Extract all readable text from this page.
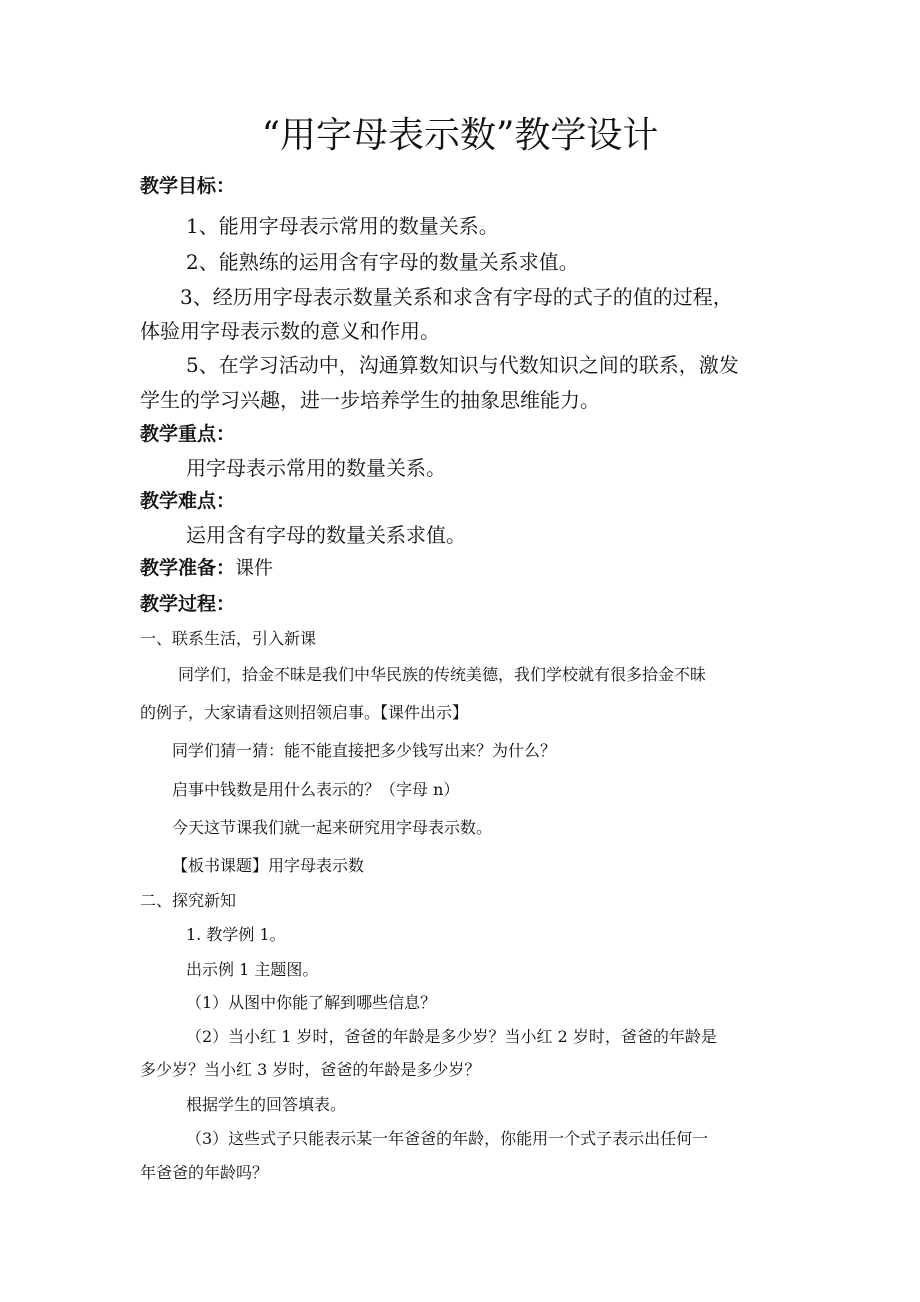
“用字母表示数”教学设计
教学目标：
1、能用字母表示常用的数量关系。
2、能熟练的运用含有字母的数量关系求值。
3、经历用字母表示数量关系和求含有字母的式子的值的过程，
体验用字母表示数的意义和作用。
5、在学习活动中，沟通算数知识与代数知识之间的联系，激发
学生的学习兴趣，进一步培养学生的抽象思维能力。
教学重点：
用字母表示常用的数量关系。
教学难点：
运用含有字母的数量关系求值。
教学准备：课件
教学过程：
一、联系生活，引入新课
同学们，拾金不昧是我们中华民族的传统美德，我们学校就有很多拾金不昧
的例子，大家请看这则招领启事。【课件出示】
同学们猜一猜：能不能直接把多少钱写出来？为什么？
启事中钱数是用什么表示的？（字母 n）
今天这节课我们就一起来研究用字母表示数。
【板书课题】用字母表示数
二、探究新知
1. 教学例 1。
出示例 1 主题图。
（1）从图中你能了解到哪些信息？
（2）当小红 1 岁时，爸爸的年龄是多少岁？当小红 2 岁时，爸爸的年龄是
多少岁？当小红 3 岁时，爸爸的年龄是多少岁？
根据学生的回答填表。
（3）这些式子只能表示某一年爸爸的年龄，你能用一个式子表示出任何一
年爸爸的年龄吗？
